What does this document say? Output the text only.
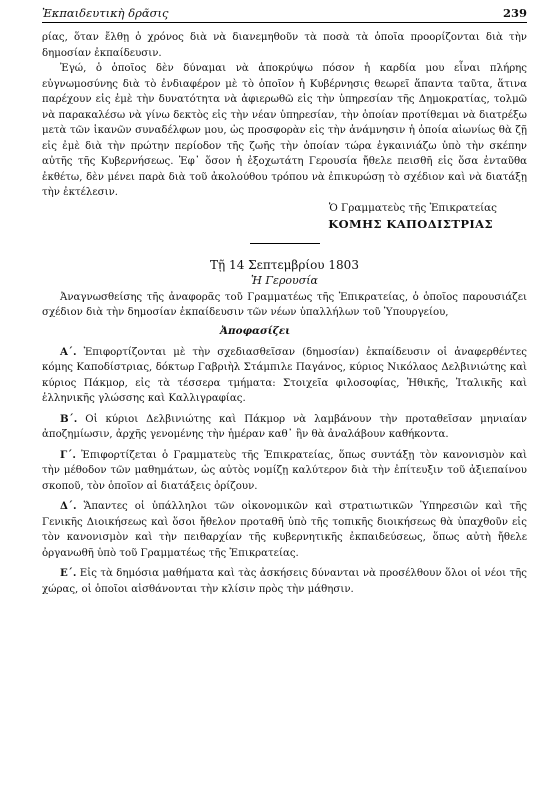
Ἐκπαιδευτικὴ δρᾶσις	239

ρίας, ὅταν ἔλθῃ ὁ χρόνος διὰ νὰ διανεμηθοῦν τὰ ποσὰ τὰ ὁποῖα προορίζονται διὰ τὴν δημοσίαν ἐκπαίδευσιν.

Ἐγώ, ὁ ὁποῖος δὲν δύναμαι νὰ ἀποκρύψω πόσον ἡ καρδία μου εἶναι πλήρης εὐγνωμοσύνης διὰ τὸ ἐνδιαφέρον μὲ τὸ ὁποῖον ἡ Κυβέρνησις θεωρεῖ ἅπαντα ταῦτα, ἅτινα παρέχουν εἰς ἐμὲ τὴν δυνατότητα νὰ ἀφιερωθῶ εἰς τὴν ὑπηρεσίαν τῆς Δημοκρατίας, τολμῶ νὰ παρακαλέσω νὰ γίνω δεκτὸς εἰς τὴν νέαν ὑπηρεσίαν, τὴν ὁποίαν προτίθεμαι νὰ διατρέξω μετὰ τῶν ἱκανῶν συναδέλφων μου, ὡς προσφορὰν εἰς τὴν ἀνάμνησιν ἡ ὁποία αἰωνίως θὰ ζῇ εἰς ἐμὲ διὰ τὴν πρώτην περίοδον τῆς ζωῆς τὴν ὁποίαν τώρα ἐγκαινιάζω ὑπὸ τὴν σκέπην αὐτῆς τῆς Κυβερνήσεως. Ἐφ᾽ ὅσον ἡ ἐξοχωτάτη Γερουσία ἤθελε πεισθῆ εἰς ὅσα ἐνταῦθα ἐκθέτω, δὲν μένει παρὰ διὰ τοῦ ἀκολούθου τρόπου νὰ ἐπικυρώσῃ τὸ σχέδιον καὶ νὰ διατάξῃ τὴν ἐκτέλεσιν.

Ὁ Γραμματεὺς τῆς Ἐπικρατείας
ΚΟΜΗΣ ΚΑΠΟΔΙΣΤΡΙΑΣ
Τῇ 14 Σεπτεμβρίου 1803
Ἡ Γερουσία

Ἀναγνωσθείσης τῆς ἀναφορᾶς τοῦ Γραμματέως τῆς Ἐπικρατείας, ὁ ὁποῖος παρουσιάζει σχέδιον διὰ τὴν δημοσίαν ἐκπαίδευσιν τῶν νέων ὑπαλλήλων τοῦ Ὑπουργείου,

Ἀποφασίζει

Α΄. Ἐπιφορτίζονται μὲ τὴν σχεδιασθεῖσαν (δημοσίαν) ἐκπαίδευσιν οἱ ἀναφερθέντες κόμης Καποδίστριας, δόκτωρ Γαβριὴλ Στάμπιλε Παγάνος, κύριος Νικόλαος Δελβινιώτης καὶ κύριος Πάκμορ, εἰς τὰ τέσσερα τμήματα: Στοιχεῖα φιλοσοφίας, Ἠθικῆς, Ἰταλικῆς καὶ ἑλληνικῆς γλώσσης καὶ Καλλιγραφίας.

Β΄. Οἱ κύριοι Δελβινιώτης καὶ Πάκμορ νὰ λαμβάνουν τὴν προταθεῖσαν μηνιαίαν ἀποζημίωσιν, ἀρχῆς γενομένης τὴν ἡμέραν καθ᾽ ἣν θὰ ἀναλάβουν καθήκοντα.

Γ΄. Ἐπιφορτίζεται ὁ Γραμματεὺς τῆς Ἐπικρατείας, ὅπως συντάξῃ τὸν κανονισμὸν καὶ τὴν μέθοδον τῶν μαθημάτων, ὡς αὐτὸς νομίζῃ καλύτερον διὰ τὴν ἐπίτευξιν τοῦ ἀξιεπαίνου σκοποῦ, τὸν ὁποῖον αἱ διατάξεις ὁρίζουν.

Δ΄. Ἅπαντες οἱ ὑπάλληλοι τῶν οἰκονομικῶν καὶ στρατιωτικῶν Ὑπηρεσιῶν καὶ τῆς Γενικῆς Διοικήσεως καὶ ὅσοι ἤθελον προταθῆ ὑπὸ τῆς τοπικῆς διοικήσεως θὰ ὑπαχθοῦν εἰς τὸν κανονισμὸν καὶ τὴν πειθαρχίαν τῆς κυβερνητικῆς ἐκπαιδεύσεως, ὅπως αὐτὴ ἤθελε ὀργανωθῆ ὑπὸ τοῦ Γραμματέως τῆς Ἐπικρατείας.

Ε΄. Εἰς τὰ δημόσια μαθήματα καὶ τὰς ἀσκήσεις δύνανται νὰ προσέλθουν ὅλοι οἱ νέοι τῆς χώρας, οἱ ὁποῖοι αἰσθάνονται τὴν κλίσιν πρὸς τὴν μάθησιν.
